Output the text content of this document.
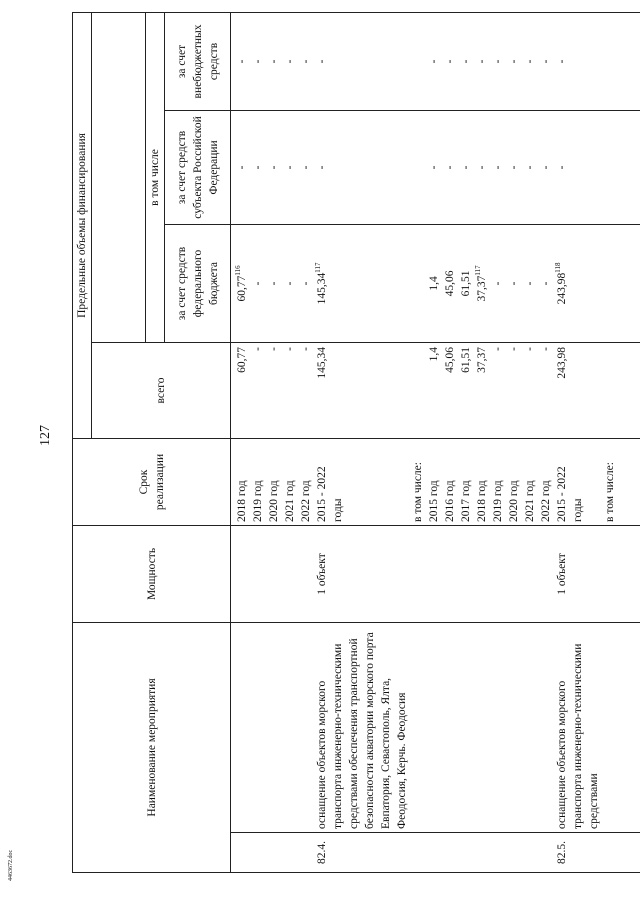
127
4463672.doc
Наименование мероприятия		Мощность	Срок реализации	Предельные объемы финансирования			
				всего			
					в том числе		
					за счет средств федерального бюджета	за счет средств субъекта Российской Федерации	за счет внебюджетных средств
			2018 год	60,77	60,77$^{116}$	-	-
			2019 год	-	-	-	-
			2020 год	-	-	-	-
			2021 год	-	-	-	-
			2022 год	-	-	-	-
82.4.	оснащение объектов морского транспорта инженерно-техническими средствами обеспечения транспортной безопасности акватории морского порта Евпатория, Севастополь, Ялта, Феодосия, Керчь. Феодосия	1 объект	2015 - 2022 годы	145,34	145,34$^{117}$	-	-
			в том числе:				
			2015 год	1,4	1,4	-	-
			2016 год	45,06	45,06	-	-
			2017 год	61,51	61,51	-	-
			2018 год	37,37	37,37$^{117}$	-	-
			2019 год	-	-	-	-
			2020 год	-	-	-	-
			2021 год	-	-	-	-
			2022 год	-	-	-	-
82.5.	оснащение объектов морского транспорта инженерно-техническими средствами	1 объект	2015 - 2022 годы	243,98	243,98$^{118}$	-	-
			в том числе:				
